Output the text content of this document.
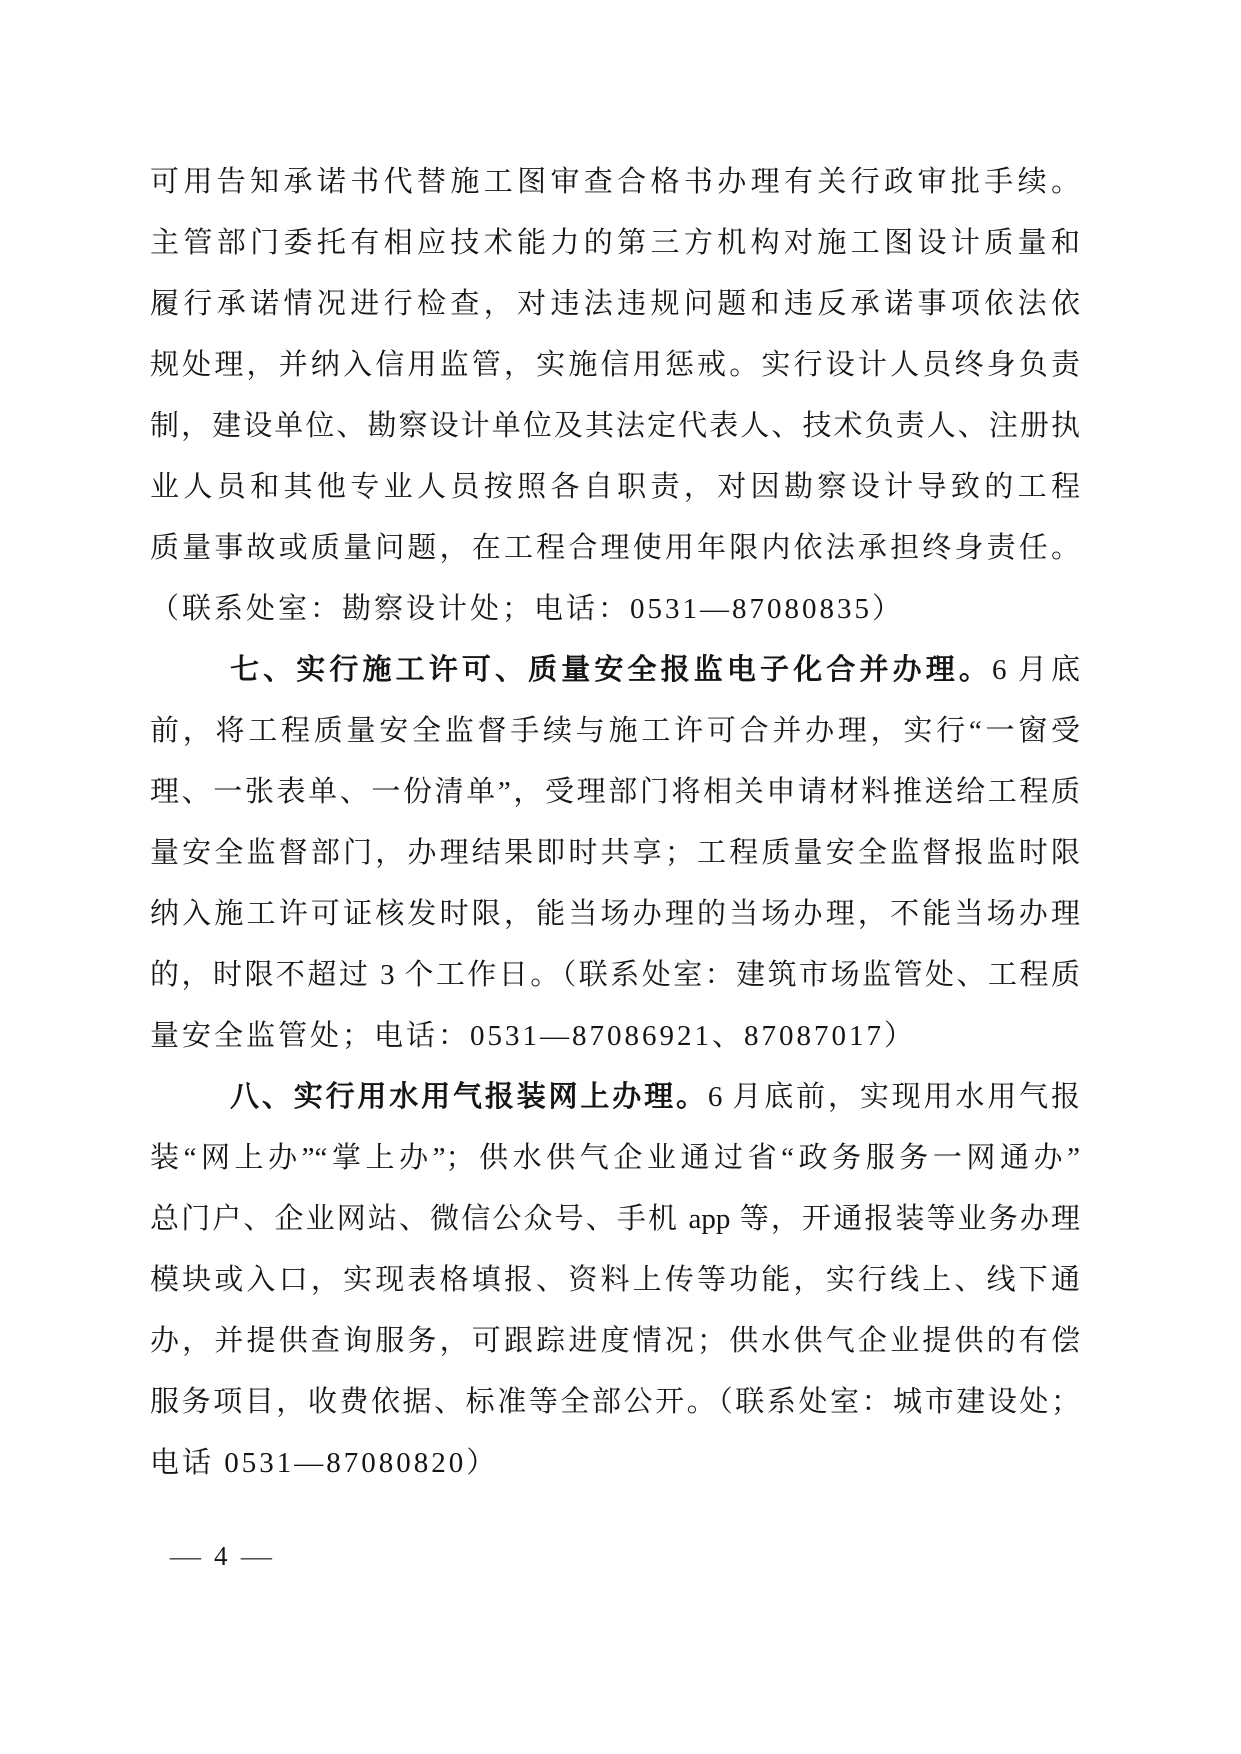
可用告知承诺书代替施工图审查合格书办理有关行政审批手续。
主管部门委托有相应技术能力的第三方机构对施工图设计质量和
履行承诺情况进行检查，对违法违规问题和违反承诺事项依法依
规处理，并纳入信用监管，实施信用惩戒。实行设计人员终身负责
制，建设单位、勘察设计单位及其法定代表人、技术负责人、注册执
业人员和其他专业人员按照各自职责，对因勘察设计导致的工程
质量事故或质量问题，在工程合理使用年限内依法承担终身责任。
（联系处室：勘察设计处；电话：0531—87080835）
七、实行施工许可、质量安全报监电子化合并办理。6 月底
前，将工程质量安全监督手续与施工许可合并办理，实行“一窗受
理、一张表单、一份清单”，受理部门将相关申请材料推送给工程质
量安全监督部门，办理结果即时共享；工程质量安全监督报监时限
纳入施工许可证核发时限，能当场办理的当场办理，不能当场办理
的，时限不超过 3 个工作日。（联系处室：建筑市场监管处、工程质
量安全监管处；电话：0531—87086921、87087017）
八、实行用水用气报装网上办理。6 月底前，实现用水用气报
装“网上办”“掌上办”；供水供气企业通过省“政务服务一网通办”
总门户、企业网站、微信公众号、手机 app 等，开通报装等业务办理
模块或入口，实现表格填报、资料上传等功能，实行线上、线下通
办，并提供查询服务，可跟踪进度情况；供水供气企业提供的有偿
服务项目，收费依据、标准等全部公开。（联系处室：城市建设处；
电话 0531—87080820）
— 4 —
